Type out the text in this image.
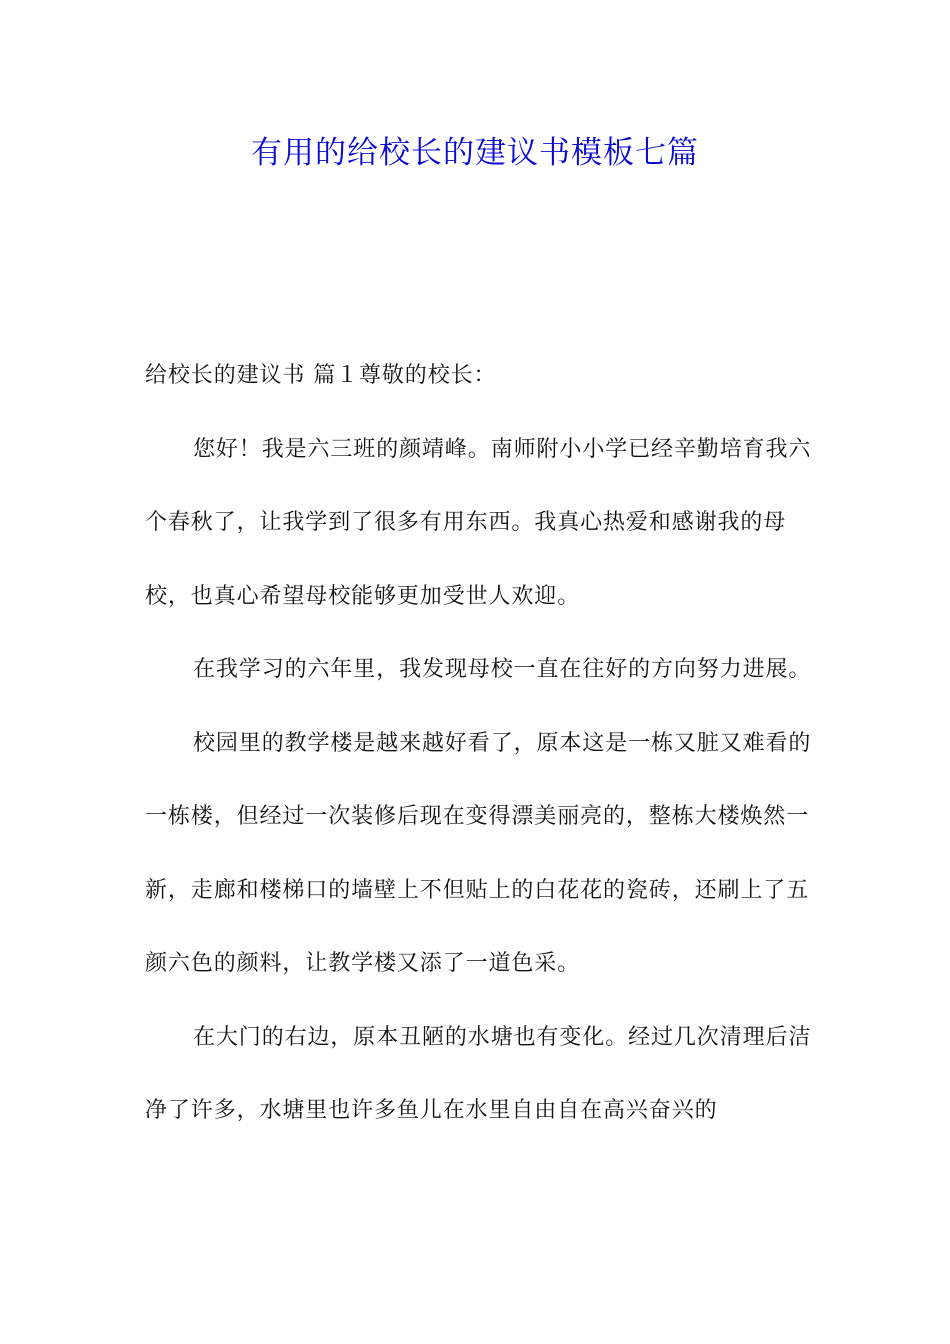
有用的给校长的建议书模板七篇

给校长的建议书 篇１尊敬的校长：

您好！我是六三班的颜靖峰。南师附小小学已经辛勤培育我六个春秋了，让我学到了很多有用东西。我真心热爱和感谢我的母校，也真心希望母校能够更加受世人欢迎。

在我学习的六年里，我发现母校一直在往好的方向努力进展。

校园里的教学楼是越来越好看了，原本这是一栋又脏又难看的一栋楼，但经过一次装修后现在变得漂美丽亮的，整栋大楼焕然一新，走廊和楼梯口的墙壁上不但贴上的白花花的瓷砖，还刷上了五颜六色的颜料，让教学楼又添了一道色采。

在大门的右边，原本丑陋的水塘也有变化。经过几次清理后洁净了许多，水塘里也许多鱼儿在水里自由自在高兴奋兴的
